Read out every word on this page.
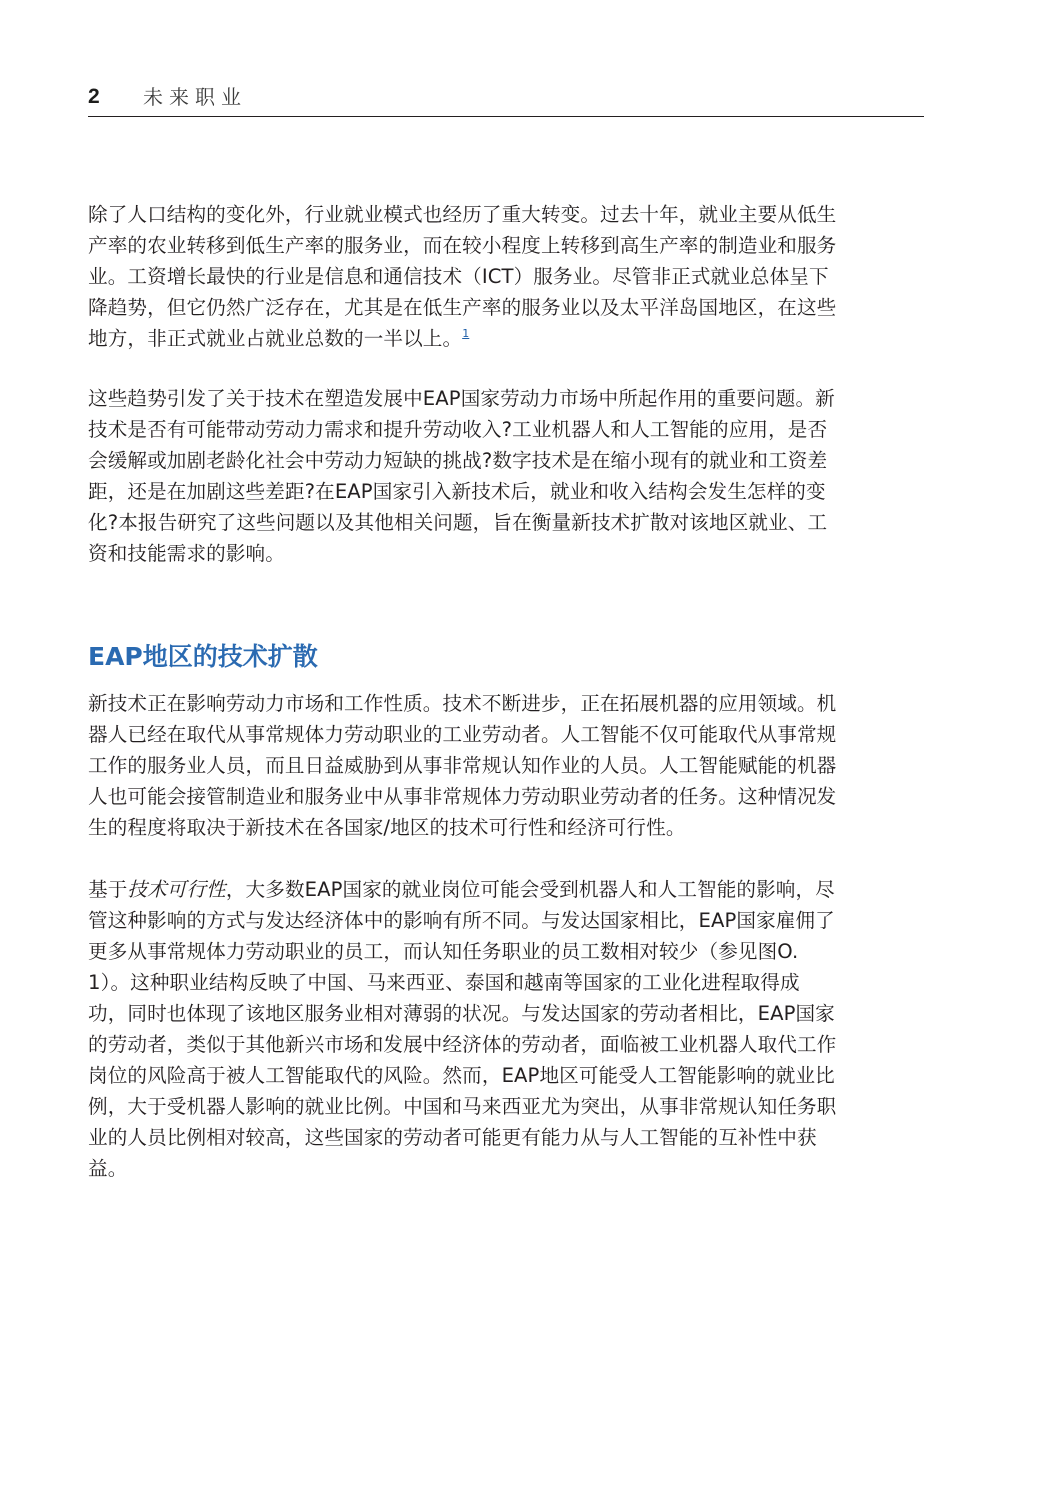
2 未来职业

除了人口结构的变化外，行业就业模式也经历了重大转变。过去十年，就业主要从低生产率的农业转移到低生产率的服务业，而在较小程度上转移到高生产率的制造业和服务业。工资增长最快的行业是信息和通信技术（ICT）服务业。尽管非正式就业总体呈下降趋势，但它仍然广泛存在，尤其是在低生产率的服务业以及太平洋岛国地区，在这些地方，非正式就业占就业总数的一半以上。$^1$

这些趋势引发了关于技术在塑造发展中EAP国家劳动力市场中所起作用的重要问题。新技术是否有可能带动劳动力需求和提升劳动收入?工业机器人和人工智能的应用，是否会缓解或加剧老龄化社会中劳动力短缺的挑战?数字技术是在缩小现有的就业和工资差距，还是在加剧这些差距?在EAP国家引入新技术后，就业和收入结构会发生怎样的变化?本报告研究了这些问题以及其他相关问题，旨在衡量新技术扩散对该地区就业、工资和技能需求的影响。

EAP地区的技术扩散

新技术正在影响劳动力市场和工作性质。技术不断进步，正在拓展机器的应用领域。机器人已经在取代从事常规体力劳动职业的工业劳动者。人工智能不仅可能取代从事常规工作的服务业人员，而且日益威胁到从事非常规认知作业的人员。人工智能赋能的机器人也可能会接管制造业和服务业中从事非常规体力劳动职业劳动者的任务。这种情况发生的程度将取决于新技术在各国家/地区的技术可行性和经济可行性。

基于技术可行性，大多数EAP国家的就业岗位可能会受到机器人和人工智能的影响，尽管这种影响的方式与发达经济体中的影响有所不同。与发达国家相比，EAP国家雇佣了更多从事常规体力劳动职业的员工，而认知任务职业的员工数相对较少（参见图O.1）。这种职业结构反映了中国、马来西亚、泰国和越南等国家的工业化进程取得成功，同时也体现了该地区服务业相对薄弱的状况。与发达国家的劳动者相比，EAP国家的劳动者，类似于其他新兴市场和发展中经济体的劳动者，面临被工业机器人取代工作岗位的风险高于被人工智能取代的风险。然而，EAP地区可能受人工智能影响的就业比例，大于受机器人影响的就业比例。中国和马来西亚尤为突出，从事非常规认知任务职业的人员比例相对较高，这些国家的劳动者可能更有能力从与人工智能的互补性中获益。
